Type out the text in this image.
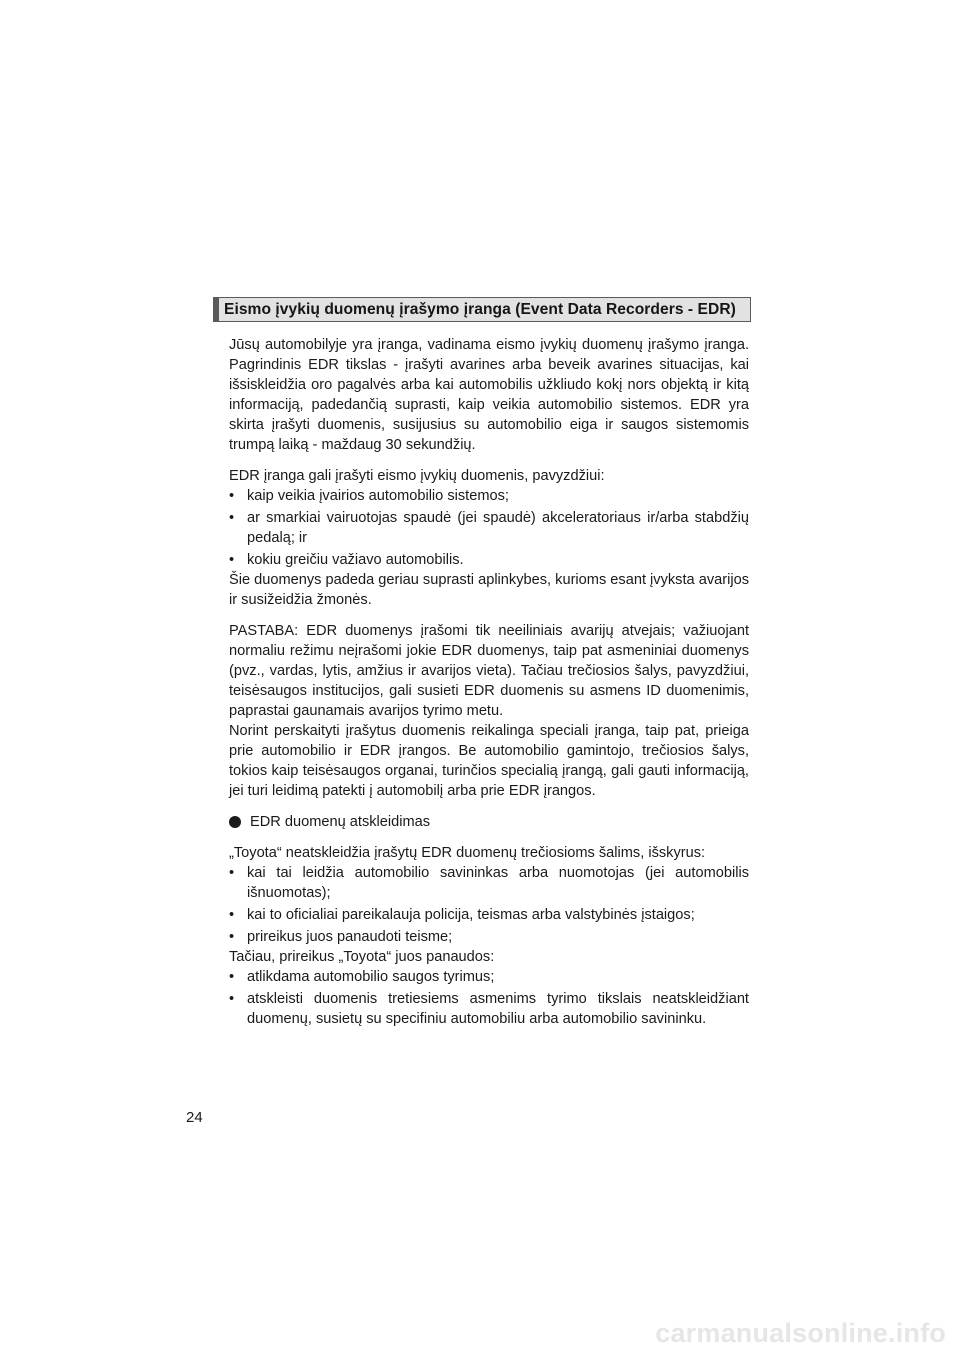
Eismo įvykių duomenų įrašymo įranga (Event Data Recorders - EDR)

Jūsų automobilyje yra įranga, vadinama eismo įvykių duomenų įrašymo įranga. Pagrindinis EDR tikslas - įrašyti avarines arba beveik avarines situacijas, kai išsiskleidžia oro pagalvės arba kai automobilis užkliudo kokį nors objektą ir kitą informaciją, padedančią suprasti, kaip veikia automobilio sistemos. EDR yra skirta įrašyti duomenis, susijusius su automobilio eiga ir saugos sistemomis trumpą laiką - maždaug 30 sekundžių.

EDR įranga gali įrašyti eismo įvykių duomenis, pavyzdžiui:

• kaip veikia įvairios automobilio sistemos;
• ar smarkiai vairuotojas spaudė (jei spaudė) akceleratoriaus ir/arba stabdžių pedalą; ir
• kokiu greičiu važiavo automobilis.

Šie duomenys padeda geriau suprasti aplinkybes, kurioms esant įvyksta avarijos ir susižeidžia žmonės.

PASTABA: EDR duomenys įrašomi tik neeiliniais avarijų atvejais; važiuojant normaliu režimu neįrašomi jokie EDR duomenys, taip pat asmeniniai duomenys (pvz., vardas, lytis, amžius ir avarijos vieta). Tačiau trečiosios šalys, pavyzdžiui, teisėsaugos institucijos, gali susieti EDR duomenis su asmens ID duomenimis, paprastai gaunamais avarijos tyrimo metu.

Norint perskaityti įrašytus duomenis reikalinga speciali įranga, taip pat, prieiga prie automobilio ir EDR įrangos. Be automobilio gamintojo, trečiosios šalys, tokios kaip teisėsaugos organai, turinčios specialią įrangą, gali gauti informaciją, jei turi leidimą patekti į automobilį arba prie EDR įrangos.

EDR duomenų atskleidimas

„Toyota“ neatskleidžia įrašytų EDR duomenų trečiosioms šalims, išskyrus:

• kai tai leidžia automobilio savininkas arba nuomotojas (jei automobilis išnuomotas);
• kai to oficialiai pareikalauja policija, teismas arba valstybinės įstaigos;
• prireikus juos panaudoti teisme;

Tačiau, prireikus „Toyota“ juos panaudos:

• atlikdama automobilio saugos tyrimus;
• atskleisti duomenis tretiesiems asmenims tyrimo tikslais neatskleidžiant duomenų, susietų su specifiniu automobiliu arba automobilio savininku.
24
carmanualsonline.info
